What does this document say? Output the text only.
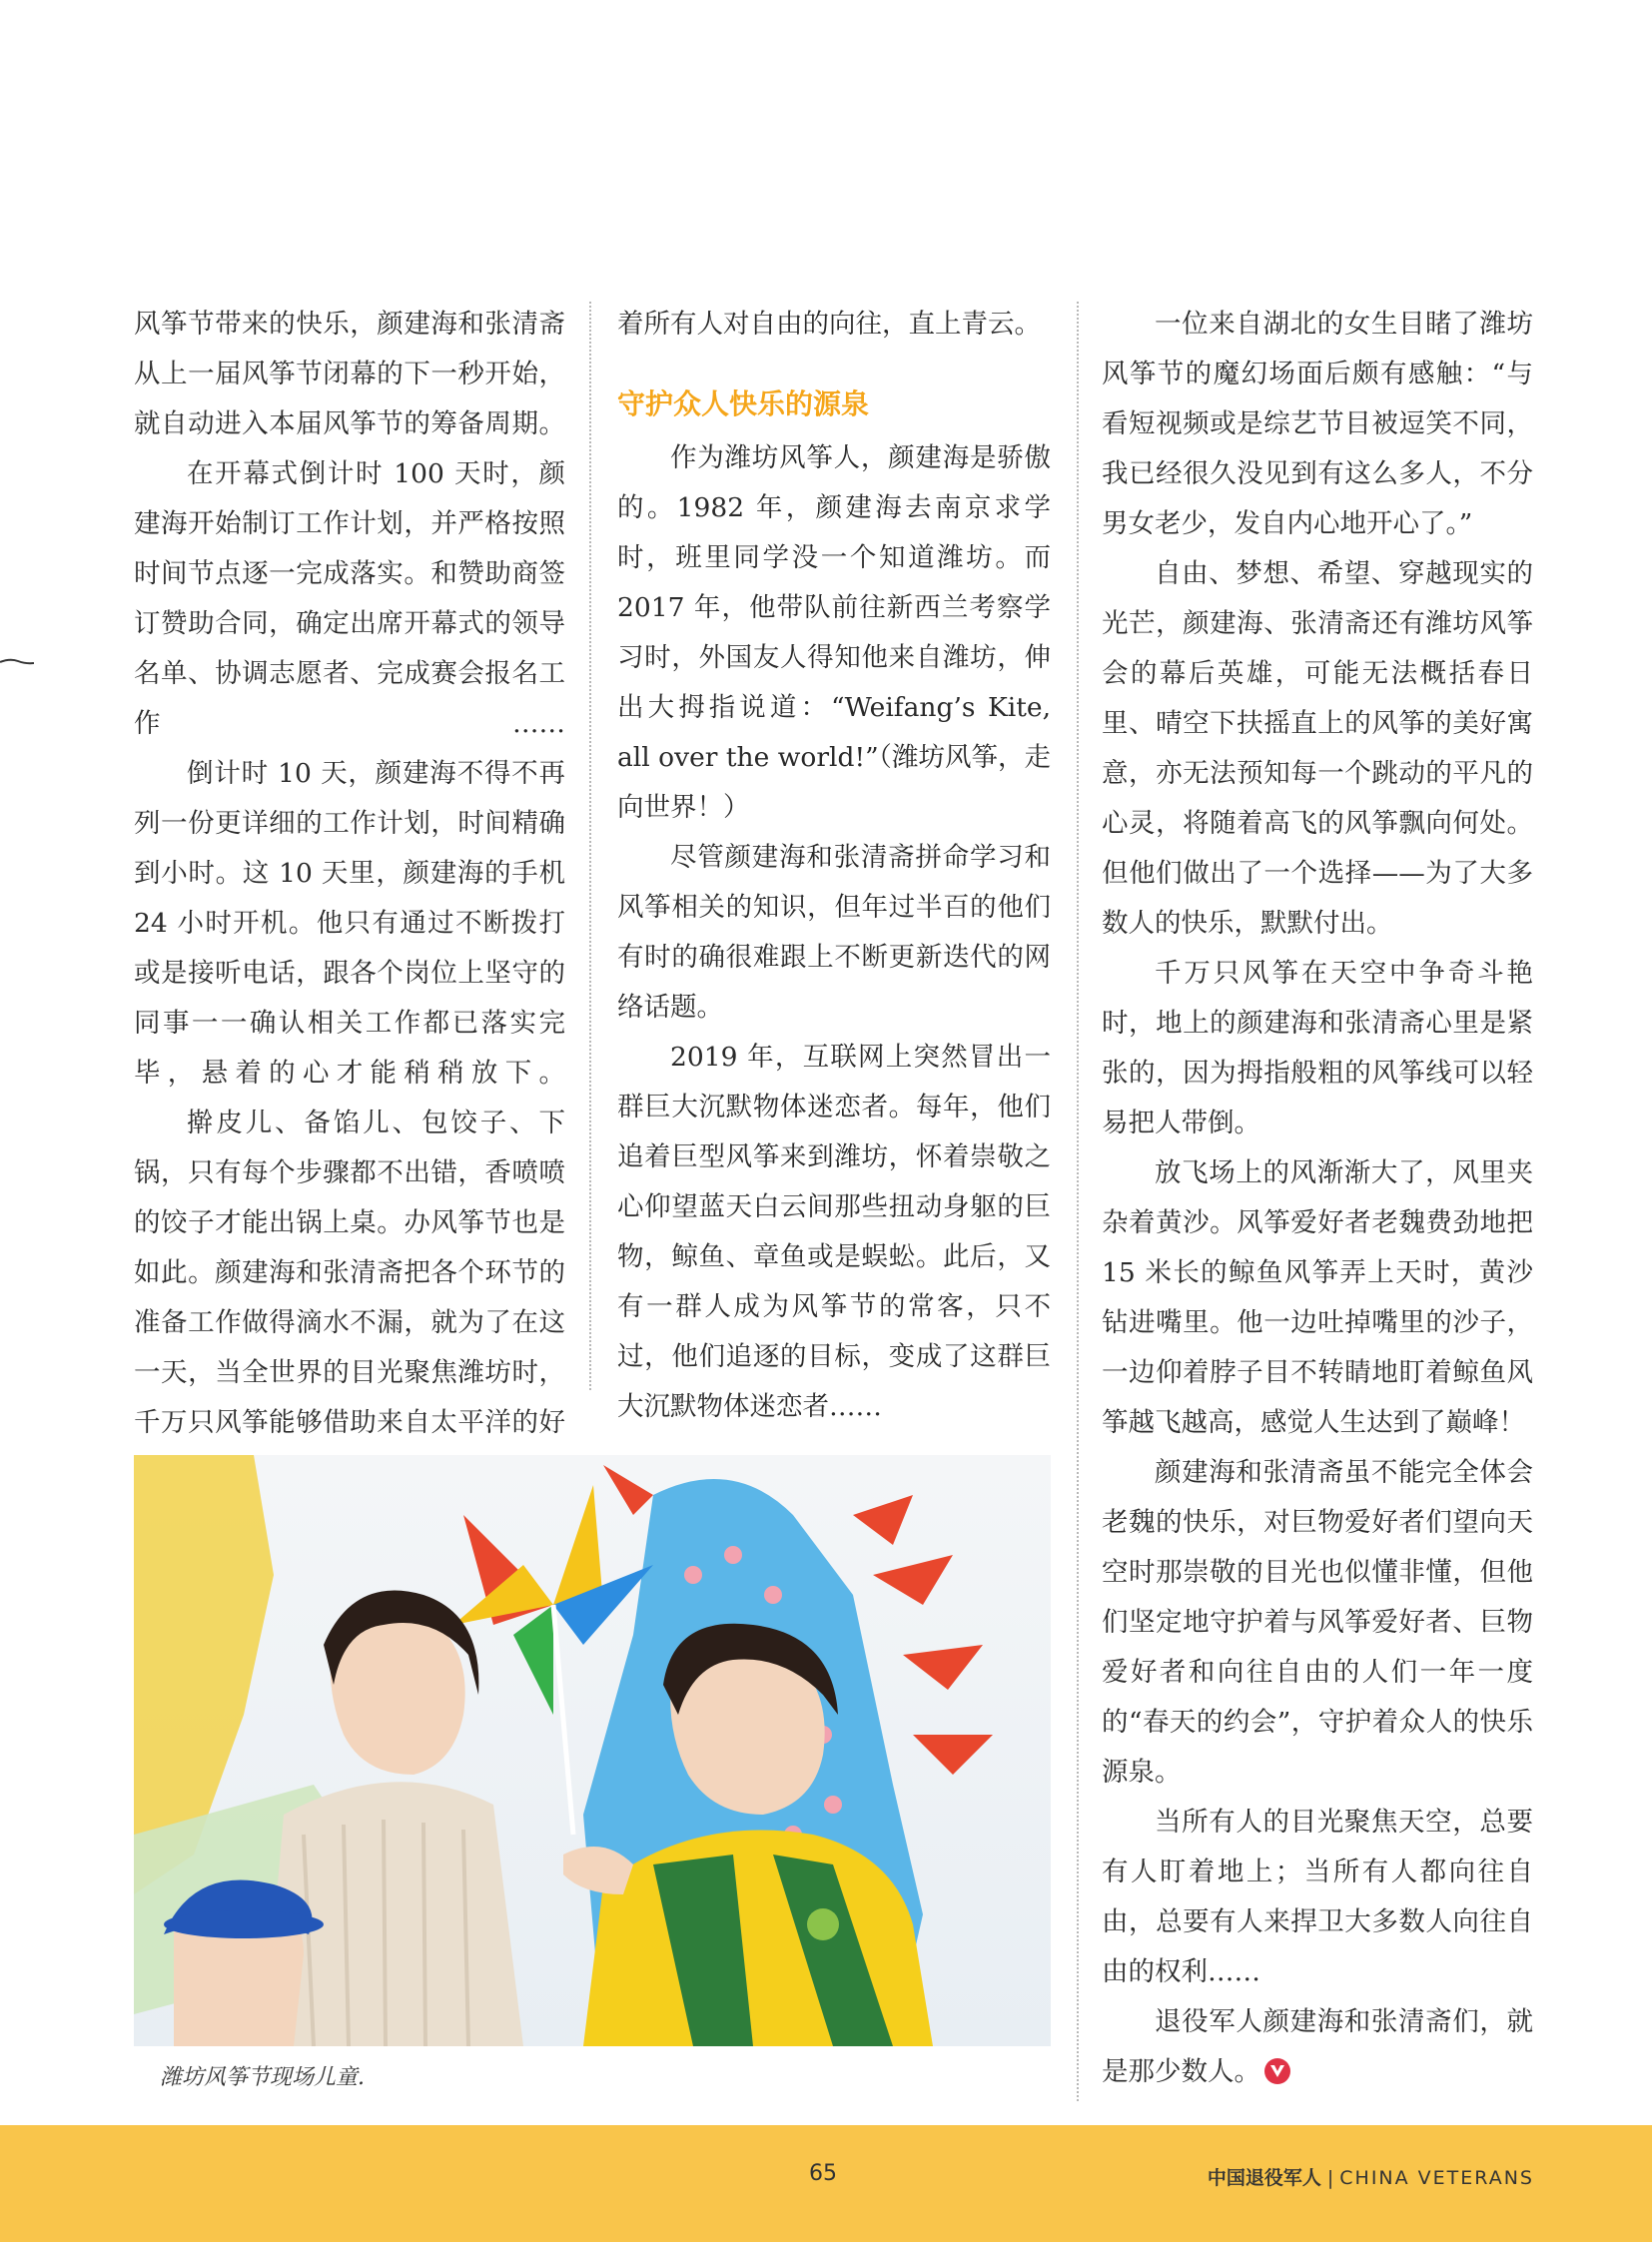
风筝节带来的快乐，颜建海和张清斋从上一届风筝节闭幕的下一秒开始，就自动进入本届风筝节的筹备周期。

在开幕式倒计时 100 天时，颜建海开始制订工作计划，并严格按照时间节点逐一完成落实。和赞助商签订赞助合同，确定出席开幕式的领导名单、协调志愿者、完成赛会报名工作……

倒计时 10 天，颜建海不得不再列一份更详细的工作计划，时间精确到小时。这 10 天里，颜建海的手机 24 小时开机。他只有通过不断拨打或是接听电话，跟各个岗位上坚守的同事一一确认相关工作都已落实完毕，悬着的心才能稍稍放下。

擀皮儿、备馅儿、包饺子、下锅，只有每个步骤都不出错，香喷喷的饺子才能出锅上桌。办风筝节也是如此。颜建海和张清斋把各个环节的准备工作做得滴水不漏，就为了在这一天，当全世界的目光聚焦潍坊时，千万只风筝能够借助来自太平洋的好

着所有人对自由的向往，直上青云。

守护众人快乐的源泉

作为潍坊风筝人，颜建海是骄傲的。1982 年，颜建海去南京求学时，班里同学没一个知道潍坊。而2017 年，他带队前往新西兰考察学习时，外国友人得知他来自潍坊，伸出大拇指说道：“Weifang’s Kite, all over the world!”（潍坊风筝，走向世界！）

尽管颜建海和张清斋拼命学习和风筝相关的知识，但年过半百的他们有时的确很难跟上不断更新迭代的网络话题。

2019 年，互联网上突然冒出一群巨大沉默物体迷恋者。每年，他们追着巨型风筝来到潍坊，怀着崇敬之心仰望蓝天白云间那些扭动身躯的巨物，鲸鱼、章鱼或是蜈蚣。此后，又有一群人成为风筝节的常客，只不过，他们追逐的目标，变成了这群巨大沉默物体迷恋者……

一位来自湖北的女生目睹了潍坊风筝节的魔幻场面后颇有感触：“与看短视频或是综艺节目被逗笑不同，我已经很久没见到有这么多人，不分男女老少，发自内心地开心了。”

自由、梦想、希望、穿越现实的光芒，颜建海、张清斋还有潍坊风筝会的幕后英雄，可能无法概括春日里、晴空下扶摇直上的风筝的美好寓意，亦无法预知每一个跳动的平凡的心灵，将随着高飞的风筝飘向何处。但他们做出了一个选择——为了大多数人的快乐，默默付出。

千万只风筝在天空中争奇斗艳时，地上的颜建海和张清斋心里是紧张的，因为拇指般粗的风筝线可以轻易把人带倒。

放飞场上的风渐渐大了，风里夹杂着黄沙。风筝爱好者老魏费劲地把 15 米长的鲸鱼风筝弄上天时，黄沙钻进嘴里。他一边吐掉嘴里的沙子，一边仰着脖子目不转睛地盯着鲸鱼风筝越飞越高，感觉人生达到了巅峰！

颜建海和张清斋虽不能完全体会老魏的快乐，对巨物爱好者们望向天空时那崇敬的目光也似懂非懂，但他们坚定地守护着与风筝爱好者、巨物爱好者和向往自由的人们一年一度的“春天的约会”，守护着众人的快乐源泉。

当所有人的目光聚焦天空，总要有人盯着地上；当所有人都向往自由，总要有人来捍卫大多数人向往自由的权利……

退役军人颜建海和张清斋们，就是那少数人。

潍坊风筝节现场儿童.
65	中国退役军人 | CHINA VETERANS
